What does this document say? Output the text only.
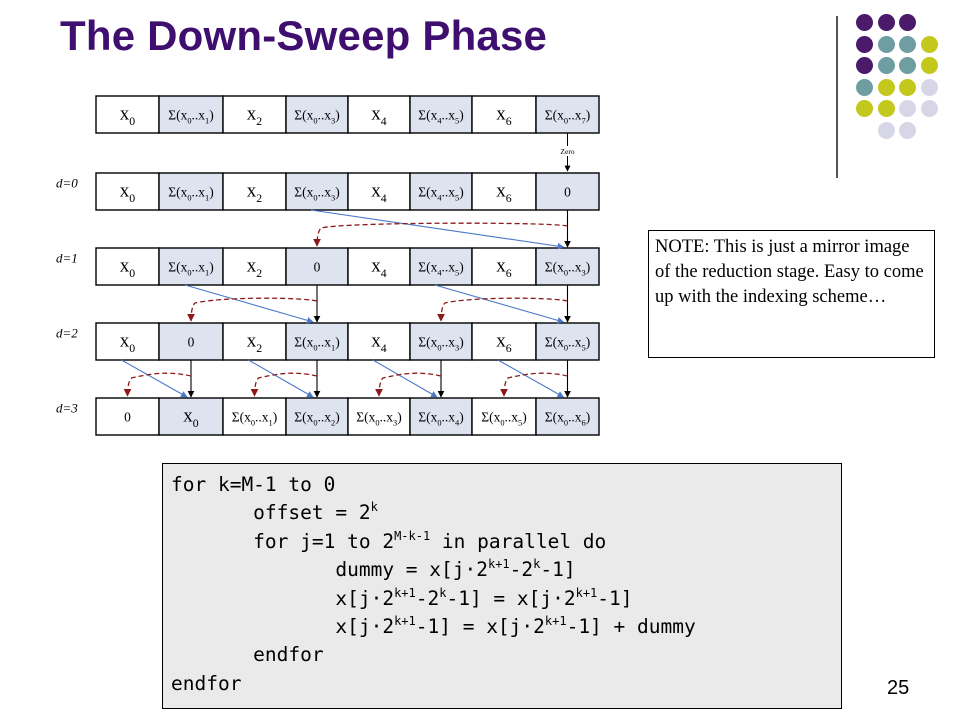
The Down-Sweep Phase
$x_0$ $\Sigma(x_0..x_1)$ $x_2$ $\Sigma(x_0..x_3)$ $x_4$ $\Sigma(x_4..x_5)$ $x_6$ $\Sigma(x_0..x_7)$
$x_0$ $\Sigma(x_0..x_1)$ $x_2$ $\Sigma(x_0..x_3)$ $x_4$ $\Sigma(x_4..x_5)$ $x_6$	0
d=0
$x_0$ $\Sigma(x_0..x_1)$ $x_2$	0	$x_4$ $\Sigma(x_4..x_5)$ $x_6$ $\Sigma(x_0..x_3)$
d=1
$x_0$	0	$x_2$ $\Sigma(x_0..x_1)$ $x_4$ $\Sigma(x_0..x_3)$ $x_6$ $\Sigma(x_0..x_5)$
d=2
0	$x_0$ $\Sigma(x_0..x_1)$ $\Sigma(x_0..x_2)$ $\Sigma(x_0..x_3)$ $\Sigma(x_0..x_4)$ $\Sigma(x_0..x_5)$ $\Sigma(x_0..x_6)$
d=3
Zero
NOTE: This is just a mirror image of the reduction stage. Easy to come up with the indexing scheme…
for k=M-1 to 0
offset = $2^k$
for j=1 to $2^{M-k-1}$ in parallel do
dummy = $x[j\cdot 2^{k+1}-2^k-1]$
$x[j\cdot 2^{k+1}-2^k-1] = x[j\cdot 2^{k+1}-1]$
$x[j\cdot 2^{k+1}-1] = x[j\cdot 2^{k+1}-1]$ + dummy
endfor
endfor	25
